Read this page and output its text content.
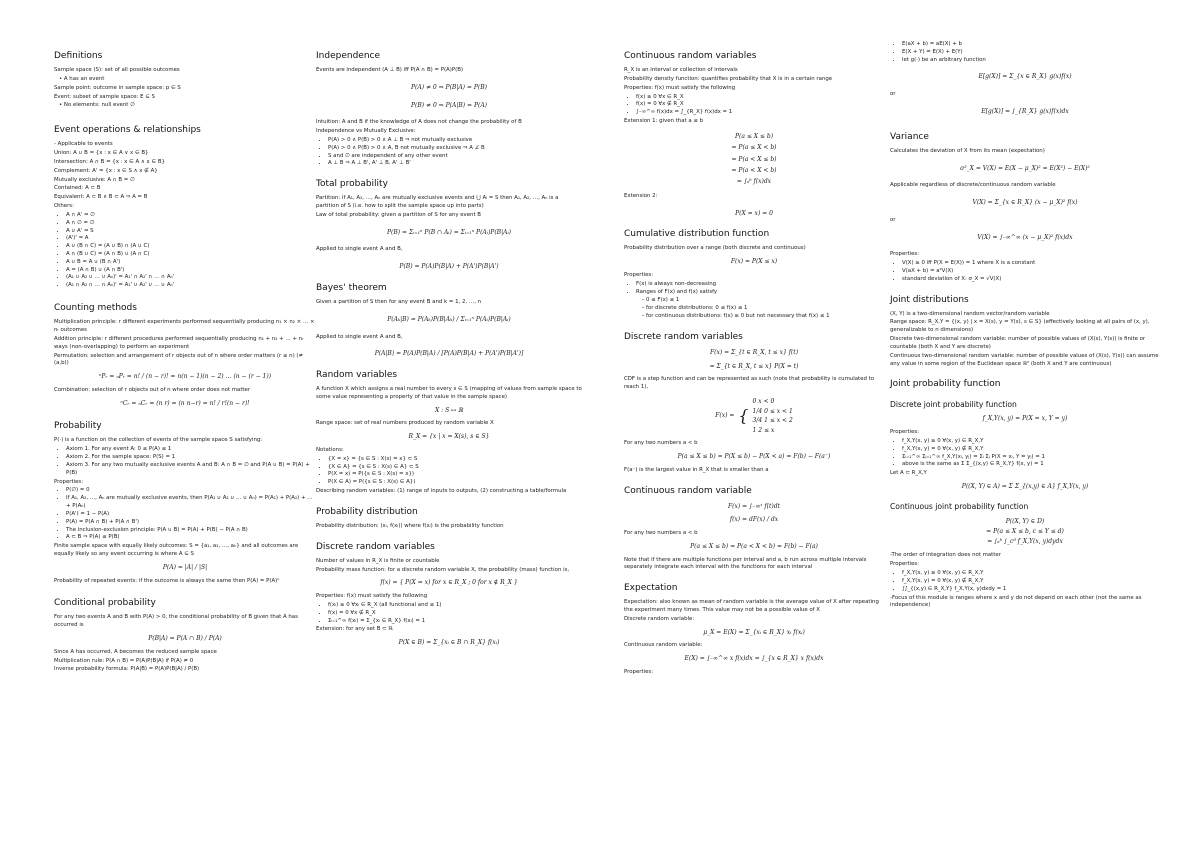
Definitions

Sample space (S): set of all possible outcomes

• A has an event

Sample point: outcome in sample space: p ∈ S

Event: subset of sample space: E ⊆ S

• No elements: null event ∅

Event operations & relationships

- Applicable to events

Union: A ∪ B = {x : x ∈ A ∨ x ∈ B}

Intersection: A ∩ B = {x : x ∈ A ∧ x ∈ B}

Complement: A' = {x : x ∈ S ∧ x ∉ A}

Mutually exclusive: A ∩ B = ∅

Contained: A ⊂ B

Equivalent: A ⊂ B ∧ B ⊂ A ⇒ A = B

Others:

• A ∩ A' = ∅
• A ∩ ∅ = ∅
• A ∪ A' = S
• (A')' = A
• A ∪ (B ∩ C) = (A ∪ B) ∩ (A ∪ C)
• A ∩ (B ∪ C) = (A ∩ B) ∪ (A ∩ C)
• A ∪ B = A ∪ (B ∩ A')
• A = (A ∩ B) ∪ (A ∩ B')
• (A₁ ∪ A₂ ∪ … ∪ Aₙ)' = A₁' ∩ A₂' ∩ … ∩ Aₙ'
• (A₁ ∩ A₂ ∩ … ∩ Aₙ)' = A₁' ∪ A₂' ∪ … ∪ Aₙ'
Counting methods

Multiplication principle: r different experiments performed sequentially producing n₁ × n₂ × … × nᵣ outcomes

Addition principle: r different procedures performed sequentially producing n₁ + n₂ + … + nᵣ ways (non-overlapping) to perform an experiment

Permutation: selection and arrangement of r objects out of n where order matters (r ≤ n) (≠ (a,b))

ⁿPᵣ = ₙPᵣ = n! / (n − r)! = n(n − 1)(n − 2) … (n − (r − 1))

Combination: selection of r objects out of n where order does not matter

ⁿCᵣ = ₙCᵣ = (n r) = (n n−r) = n! / r!(n − r)!
Probability

P(·) is a function on the collection of events of the sample space S satisfying:

• Axiom 1. For any event A: 0 ≤ P(A) ≤ 1
• Axiom 2. For the sample space: P(S) = 1
• Axiom 3. For any two mutually exclusive events A and B: A ∩ B = ∅ and P(A ∪ B) = P(A) + P(B)

Properties:

• P(∅) = 0
• If A₁, A₂, …, Aₙ are mutually exclusive events, then P(A₁ ∪ A₂ ∪ … ∪ Aₙ) = P(A₁) + P(A₂) + … + P(Aₙ)
• P(A') = 1 − P(A)
• P(A) = P(A ∩ B) + P(A ∩ B')
• The inclusion-exclusion principle: P(A ∪ B) = P(A) + P(B) − P(A ∩ B)
• A ⊂ B ⇒ P(A) ≤ P(B)

Finite sample space with equally likely outcomes: S = {a₁, a₂, …, aₖ} and all outcomes are equally likely so any event occurring is where A ⊆ S

P(A) = |A| / |S|

Probability of repeated events: if the outcome is always the same then P(A) = P(A)ⁿ

Conditional probability

For any two events A and B with P(A) > 0, the conditional probability of B given that A has occurred is

P(B|A) = P(A ∩ B) / P(A)

Since A has occurred, A becomes the reduced sample space

Multiplication rule: P(A ∩ B) = P(A)P(B|A) if P(A) ≠ 0

Inverse probability formula: P(A|B) = P(A)P(B|A) / P(B)

Independence

Events are independent (A ⊥ B) iff P(A ∩ B) = P(A)P(B)

P(A) ≠ 0 ⇒ P(B|A) = P(B)
P(B) ≠ 0 ⇒ P(A|B) = P(A)

Intuition: A and B if the knowledge of A does not change the probability of B

Independence vs Mutually Exclusive:

• P(A) > 0 ∧ P(B) > 0 ∧ A ⊥ B ⇒ not mutually exclusive
• P(A) > 0 ∧ P(B) > 0 ∧ A, B not mutually exclusive ⇒ A ⊥̸ B
• S and ∅ are independent of any other event
• A ⊥ B ⇒ A ⊥ B', A' ⊥ B, A' ⊥ B'
Total probability

Partition: if A₁, A₂, …, Aₙ are mutually exclusive events and ⋃ Aᵢ = S then A₁, A₂, …, Aₙ is a partition of S (i.e. how to split the sample space up into parts)

Law of total probability: given a partition of S for any event B

P(B) = Σᵢ₌₁ⁿ P(B ∩ Aᵢ) = Σᵢ₌₁ⁿ P(Aᵢ)P(B|Aᵢ)

Applied to single event A and B,

P(B) = P(A)P(B|A) + P(A')P(B|A')
Bayes' theorem

Given a partition of S then for any event B and k = 1, 2, …, n

P(Aₖ|B) = P(Aₖ)P(B|Aₖ) / Σᵢ₌₁ⁿ P(Aᵢ)P(B|Aᵢ)

Applied to single event A and B,

P(A|B) = P(A)P(B|A) / [P(A)P(B|A) + P(A')P(B|A')]
Random variables

A function X which assigns a real number to every s ∈ S (mapping of values from sample space to some value representing a property of that value in the sample space)

X : S ↦ ℝ

Range space: set of real numbers produced by random variable X

R_X = {x | x = X(s), s ∈ S}

Notations:

• {X = x} = {s ∈ S : X(s) = x} ⊂ S
• {X ∈ A} = {s ∈ S : X(s) ∈ A} ⊂ S
• P(X = x) = P({s ∈ S : X(s) = x})
• P(X ∈ A) = P({s ∈ S : X(s) ∈ A})

Describing random variables: (1) range of inputs to outputs, (2) constructing a table/formula

Probability distribution

Probability distribution: (xᵢ, f(xᵢ)) where f(xᵢ) is the probability function

Discrete random variables

Number of values in R_X is finite or countable

Probability mass function: for a discrete random variable X, the probability (mass) function is,

f(x) = { P(X = x) for x ∈ R_X ; 0 for x ∉ R_X }

Properties: f(x) must satisfy the following

• f(xᵢ) ≥ 0 ∀xᵢ ∈ R_X (all functional and ≤ 1)
• f(x) = 0 ∀x ∉ R_X
• Σᵢ₌₁^∞ f(xᵢ) = Σ_{xᵢ ∈ R_X} f(xᵢ) = 1

Extension: for any set B ⊂ ℝ

P(X ∈ B) = Σ_{xᵢ ∈ B ∩ R_X} f(xᵢ)
Continuous random variables

R_X is an interval or collection of intervals

Probability density function: quantifies probability that X is in a certain range

Properties: f(x) must satisfy the following

• f(x) ≥ 0 ∀x ∈ R_X
• f(x) = 0 ∀x ∉ R_X
• ∫₋∞^∞ f(x)dx = ∫_{R_X} f(x)dx = 1

Extension 1: given that a ≤ b

P(a ≤ X ≤ b)
= P(a ≤ X < b)
= P(a < X ≤ b)
= P(a < X < b)
= ∫ₐᵇ f(x)dx

Extension 2:

P(X = x) = 0
Cumulative distribution function

Probability distribution over a range (both discrete and continuous)

F(x) = P(X ≤ x)

Properties:

• F(x) is always non-decreasing
• Ranges of F(x) and f(x) satisfy
– 0 ≤ F(x) ≤ 1
– for discrete distributions: 0 ≤ f(x) ≤ 1
– for continuous distributions: f(x) ≥ 0 but not necessary that f(x) ≤ 1
Discrete random variables
F(x) = Σ_{t ∈ R_X, t ≤ x} f(t)
= Σ_{t ∈ R_X, t ≤ x} P(X = t)

CDF is a step function and can be represented as such (note that probability is cumulated to reach 1),

F(x) = {
0 x < 0
1/4 0 ≤ x < 1
3/4 1 ≤ x < 2
1 2 ≤ x

For any two numbers a < b

P(a ≤ X ≤ b) = P(X ≤ b) − P(X < a) = F(b) − F(a⁻)

F(a⁻) is the largest value in R_X that is smaller than a

Continuous random variable
F(x) = ∫₋∞ˣ f(t)dt
f(x) = dF(x) / dx

For any two numbers a < b

P(a ≤ X ≤ b) = P(a < X < b) = F(b) − F(a)

Note that if there are multiple functions per interval and a, b run across multiple intervals separately integrate each interval with the functions for each interval

Expectation

Expectation: also known as mean of random variable is the average value of X after repeating the experiment many times. This value may not be a possible value of X

Discrete random variable:

μ_X = E(X) = Σ_{xᵢ ∈ R_X} xᵢ f(xᵢ)

Continuous random variable:

E(X) = ∫₋∞^∞ x f(x)dx = ∫_{x ∈ R_X} x f(x)dx

Properties:

• E(aX + b) = aE(X) + b
• E(X + Y) = E(X) + E(Y)
• let g(·) be an arbitrary function
E[g(X)] = Σ_{x ∈ R_X} g(x)f(x)

or

E[g(X)] = ∫_{R_X} g(x)f(x)dx
Variance

Calculates the deviation of X from its mean (expectation)

σ²_X = V(X) = E(X − μ_X)² = E(X²) − E(X)²

Applicable regardless of discrete/continuous random variable

V(X) = Σ_{x ∈ R_X} (x − μ_X)² f(x)

or

V(X) = ∫₋∞^∞ (x − μ_X)² f(x)dx

Properties:

• V(X) ≥ 0 iff P(X = E(X)) = 1 where X is a constant
• V(aX + b) = a²V(X)
• standard deviation of X: σ_X = √V(X)
Joint distributions

(X, Y) is a two-dimensional random vector/random variable

Range space: R_X,Y = {(x, y) | x = X(s), y = Y(s), s ∈ S} (effectively looking at all pairs of (x, y), generalizable to n dimensions)

Discrete two-dimensional random variable: number of possible values of (X(s), Y(s)) is finite or countable (both X and Y are discrete)

Continuous two-dimensional random variable: number of possible values of (X(s), Y(s)) can assume any value in some region of the Euclidean space ℝ² (both X and Y are continuous)

Joint probability function
Discrete joint probability function
f_X,Y(x, y) = P(X = x, Y = y)

Properties:

• f_X,Y(x, y) ≥ 0 ∀(x, y) ∈ R_X,Y
• f_X,Y(x, y) = 0 ∀(x, y) ∉ R_X,Y
• Σᵢ₌₁^∞ Σⱼ₌₁^∞ f_X,Y(xᵢ, yⱼ) = Σᵢ Σⱼ P(X = xᵢ, Y = yⱼ) = 1
• above is the same as Σ Σ_{(x,y) ∈ R_X,Y} f(x, y) = 1

Let A ⊂ R_X,Y

P((X, Y) ∈ A) = Σ Σ_{(x,y) ∈ A} f_X,Y(x, y)
Continuous joint probability function
P((X, Y) ∈ D)
= P(a ≤ X ≤ b, c ≤ Y ≤ d)
= ∫ₐᵇ ∫_cᵈ f_X,Y(x, y)dydx

-The order of integration does not matter

Properties:

• f_X,Y(x, y) ≥ 0 ∀(x, y) ∈ R_X,Y
• f_X,Y(x, y) = 0 ∀(x, y) ∉ R_X,Y
• ∫∫_{(x,y) ∈ R_X,Y} f_X,Y(x, y)dxdy = 1

-Focus of this module is ranges where x and y do not depend on each other (not the same as independence)
